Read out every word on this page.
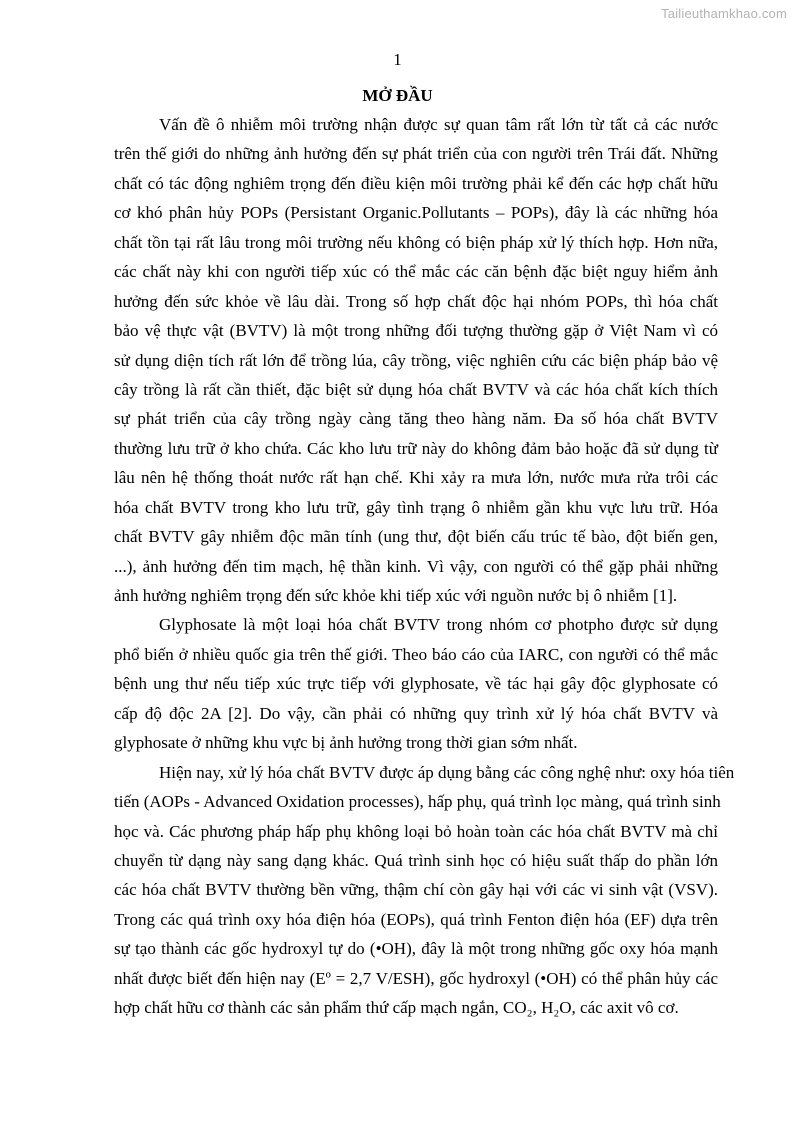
Tailieuthamkhao.com
1
MỞ ĐẦU
Vấn đề ô nhiễm môi trường nhận được sự quan tâm rất lớn từ tất cả các nước
trên thế giới do những ảnh hưởng đến sự phát triển của con người trên Trái đất. Những
chất có tác động nghiêm trọng đến điều kiện môi trường phải kể đến các hợp chất hữu
cơ khó phân hủy POPs (Persistant Organic.Pollutants – POPs), đây là các những hóa
chất tồn tại rất lâu trong môi trường nếu không có biện pháp xử lý thích hợp. Hơn nữa,
các chất này khi con người tiếp xúc có thể mắc các căn bệnh đặc biệt nguy hiểm ảnh
hưởng đến sức khỏe về lâu dài. Trong số hợp chất độc hại nhóm POPs, thì hóa chất
bảo vệ thực vật (BVTV) là một trong những đối tượng thường gặp ở Việt Nam vì có
sử dụng diện tích rất lớn để trồng lúa, cây trồng, việc nghiên cứu các biện pháp bảo vệ
cây trồng là rất cần thiết, đặc biệt sử dụng hóa chất BVTV và các hóa chất kích thích
sự phát triển của cây trồng ngày càng tăng theo hàng năm. Đa số hóa chất BVTV
thường lưu trữ ở kho chứa. Các kho lưu trữ này do không đảm bảo hoặc đã sử dụng từ
lâu nên hệ thống thoát nước rất hạn chế. Khi xảy ra mưa lớn, nước mưa rửa trôi các
hóa chất BVTV trong kho lưu trữ, gây tình trạng ô nhiễm gần khu vực lưu trữ. Hóa
chất BVTV gây nhiễm độc mãn tính (ung thư, đột biến cấu trúc tế bào, đột biến gen,
...), ảnh hưởng đến tim mạch, hệ thần kinh. Vì vậy, con người có thể gặp phải những
ảnh hưởng nghiêm trọng đến sức khỏe khi tiếp xúc với nguồn nước bị ô nhiễm [1].
Glyphosate là một loại hóa chất BVTV trong nhóm cơ photpho được sử dụng
phổ biến ở nhiều quốc gia trên thế giới. Theo báo cáo của IARC, con người có thể mắc
bệnh ung thư nếu tiếp xúc trực tiếp với glyphosate, về tác hại gây độc glyphosate có
cấp độ độc 2A [2]. Do vậy, cần phải có những quy trình xử lý hóa chất BVTV và
glyphosate ở những khu vực bị ảnh hưởng trong thời gian sớm nhất.
Hiện nay, xử lý hóa chất BVTV được áp dụng bằng các công nghệ như: oxy hóa tiên
tiến (AOPs - Advanced Oxidation processes), hấp phụ, quá trình lọc màng, quá trình sinh
học và. Các phương pháp hấp phụ không loại bỏ hoàn toàn các hóa chất BVTV mà chỉ
chuyển từ dạng này sang dạng khác. Quá trình sinh học có hiệu suất thấp do phần lớn
các hóa chất BVTV thường bền vững, thậm chí còn gây hại với các vi sinh vật (VSV).
Trong các quá trình oxy hóa điện hóa (EOPs), quá trình Fenton điện hóa (EF) dựa trên
sự tạo thành các gốc hydroxyl tự do (•OH), đây là một trong những gốc oxy hóa mạnh
nhất được biết đến hiện nay (Eº = 2,7 V/ESH), gốc hydroxyl (•OH) có thể phân hủy các
hợp chất hữu cơ thành các sản phẩm thứ cấp mạch ngắn, CO₂, H₂O, các axit vô cơ.
